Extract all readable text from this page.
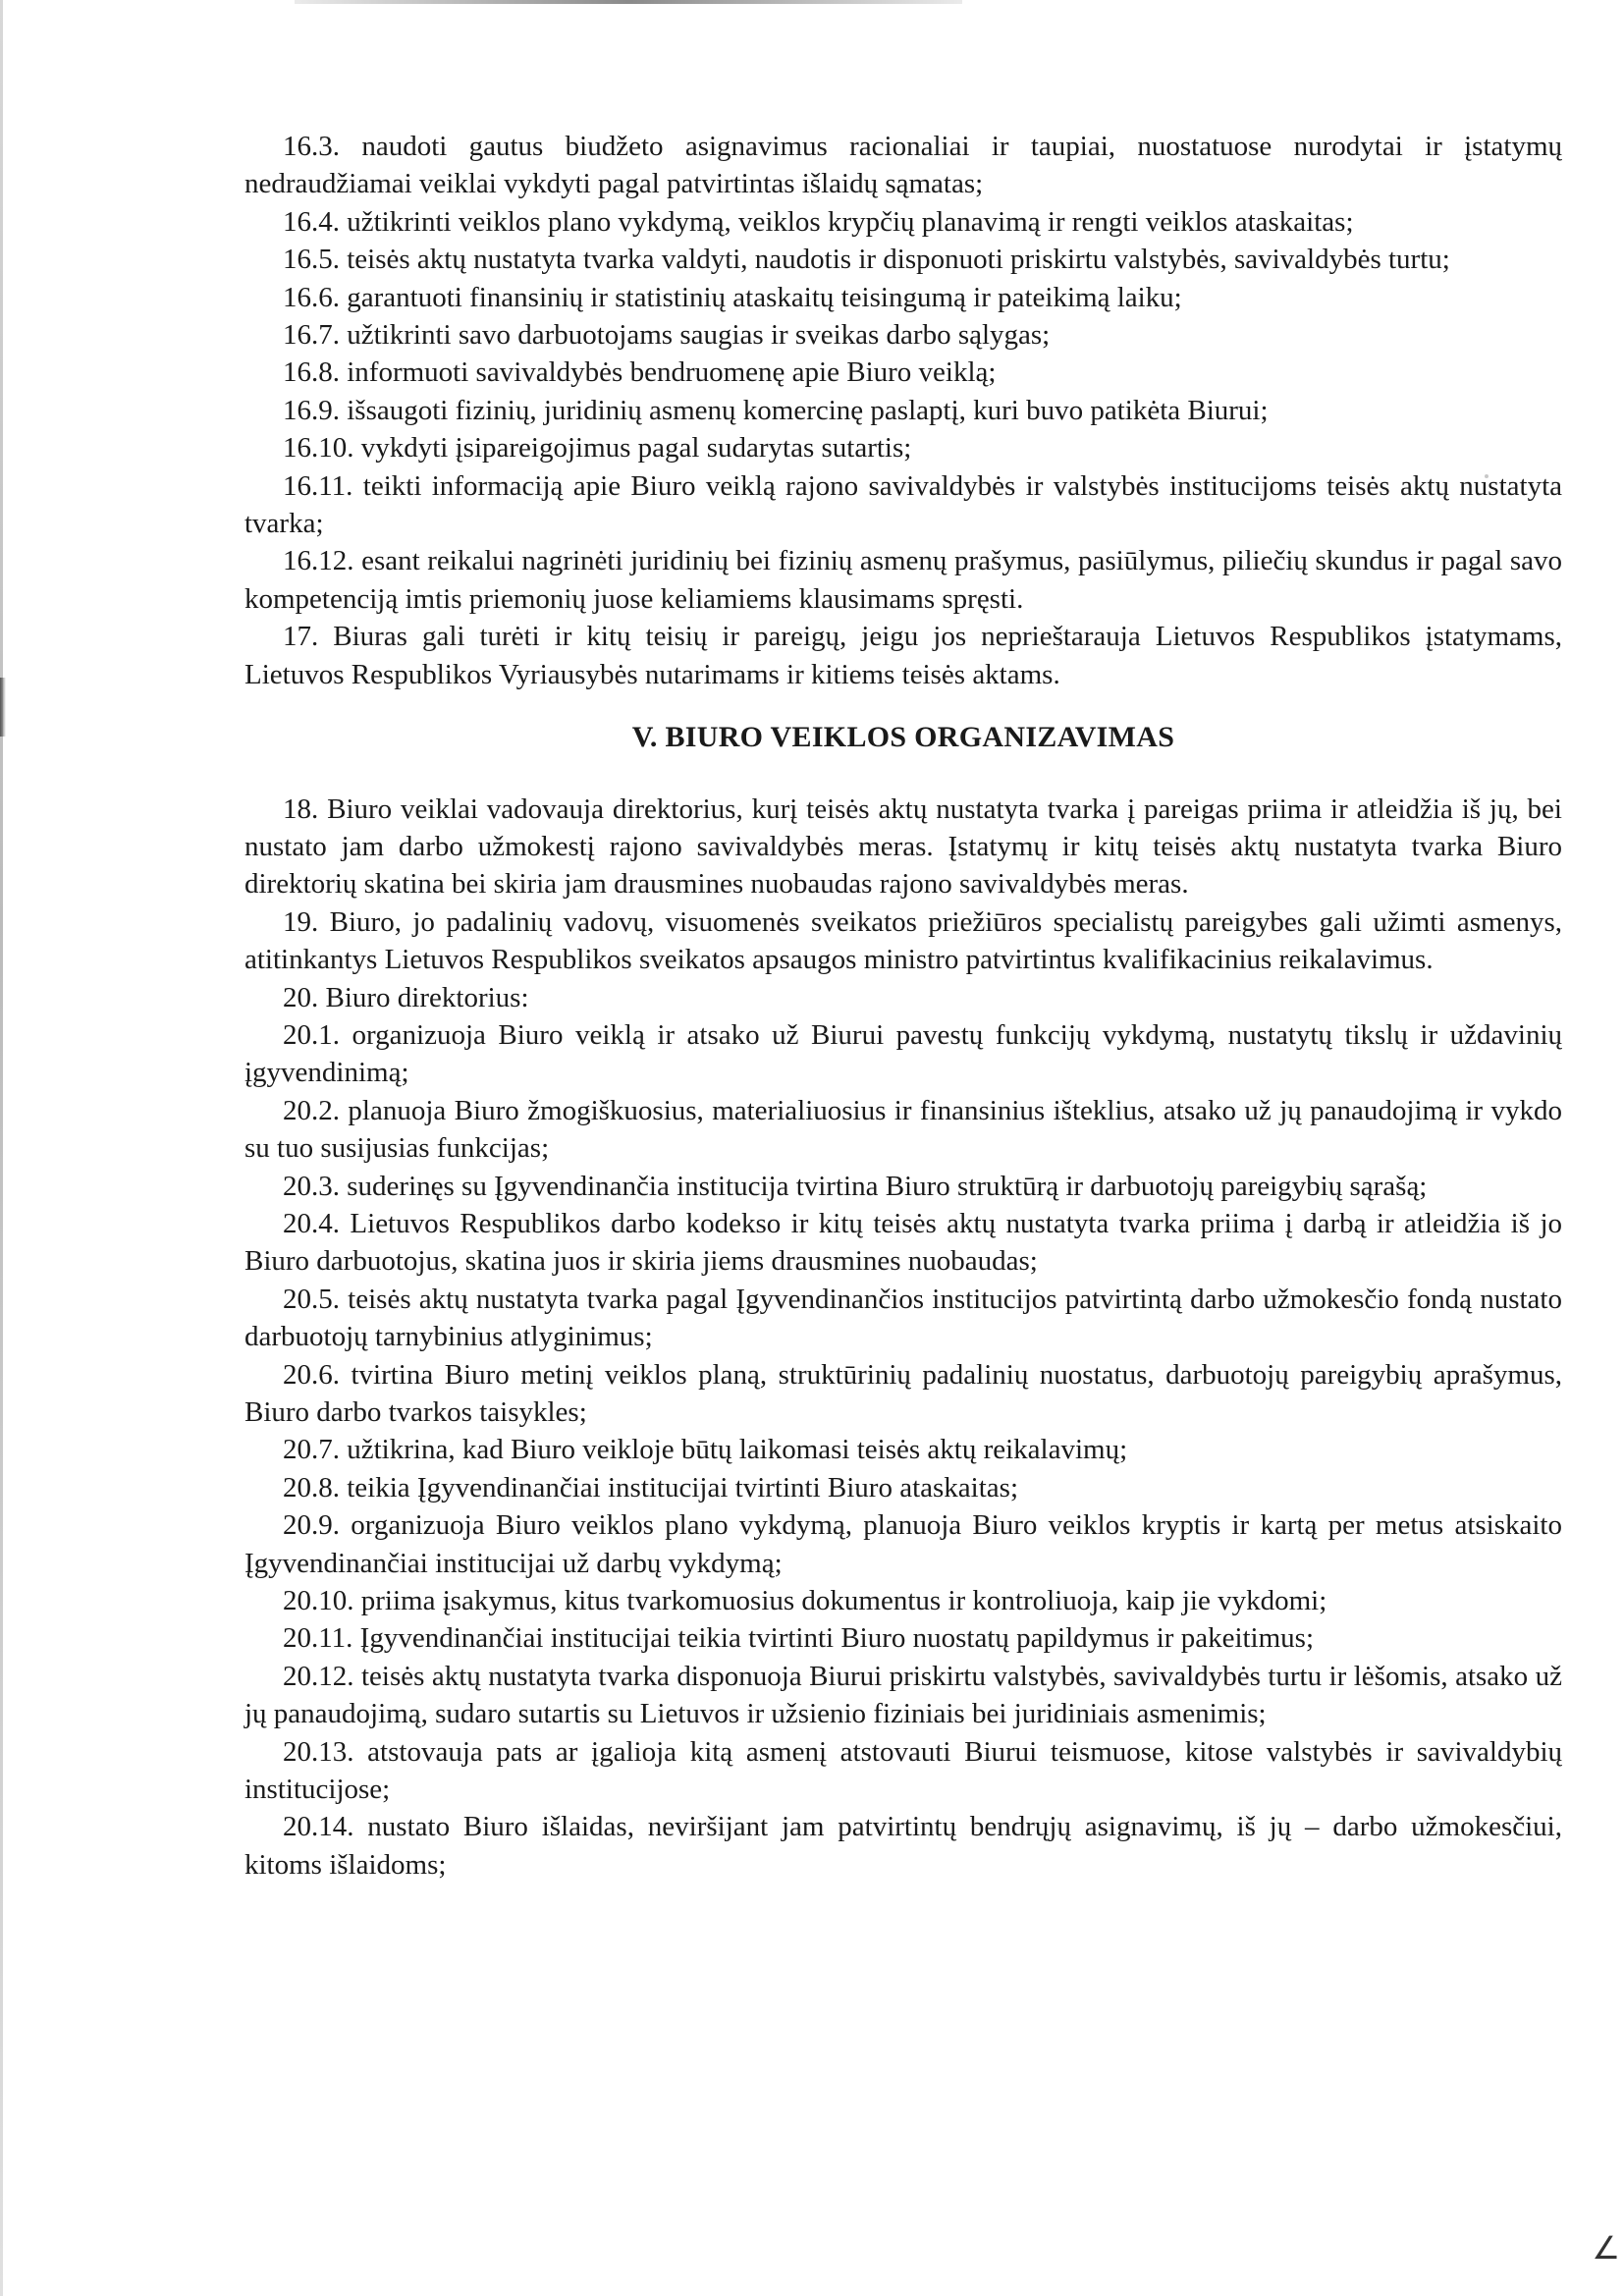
∠

16.3. naudoti gautus biudžeto asignavimus racionaliai ir taupiai, nuostatuose nurodytai ir įstatymų nedraudžiamai veiklai vykdyti pagal patvirtintas išlaidų sąmatas;

16.4. užtikrinti veiklos plano vykdymą, veiklos krypčių planavimą ir rengti veiklos ataskaitas;

16.5. teisės aktų nustatyta tvarka valdyti, naudotis ir disponuoti priskirtu valstybės, savivaldybės turtu;

16.6. garantuoti finansinių ir statistinių ataskaitų teisingumą ir pateikimą laiku;

16.7. užtikrinti savo darbuotojams saugias ir sveikas darbo sąlygas;

16.8. informuoti savivaldybės bendruomenę apie Biuro veiklą;

16.9. išsaugoti fizinių, juridinių asmenų komercinę paslaptį, kuri buvo patikėta Biurui;

16.10. vykdyti įsipareigojimus pagal sudarytas sutartis;

16.11. teikti informaciją apie Biuro veiklą rajono savivaldybės ir valstybės institucijoms teisės aktų nustatyta tvarka;

16.12. esant reikalui nagrinėti juridinių bei fizinių asmenų prašymus, pasiūlymus, piliečių skundus ir pagal savo kompetenciją imtis priemonių juose keliamiems klausimams spręsti.

17. Biuras gali turėti ir kitų teisių ir pareigų, jeigu jos neprieštarauja Lietuvos Respublikos įstatymams, Lietuvos Respublikos Vyriausybės nutarimams ir kitiems teisės aktams.

V. BIURO VEIKLOS ORGANIZAVIMAS

18. Biuro veiklai vadovauja direktorius, kurį teisės aktų nustatyta tvarka į pareigas priima ir atleidžia iš jų, bei nustato jam darbo užmokestį rajono savivaldybės meras. Įstatymų ir kitų teisės aktų nustatyta tvarka Biuro direktorių skatina bei skiria jam drausmines nuobaudas rajono savivaldybės meras.

19. Biuro, jo padalinių vadovų, visuomenės sveikatos priežiūros specialistų pareigybes gali užimti asmenys, atitinkantys Lietuvos Respublikos sveikatos apsaugos ministro patvirtintus kvalifikacinius reikalavimus.

20. Biuro direktorius:

20.1. organizuoja Biuro veiklą ir atsako už Biurui pavestų funkcijų vykdymą, nustatytų tikslų ir uždavinių įgyvendinimą;

20.2. planuoja Biuro žmogiškuosius, materialiuosius ir finansinius išteklius, atsako už jų panaudojimą ir vykdo su tuo susijusias funkcijas;

20.3. suderinęs su Įgyvendinančia institucija tvirtina Biuro struktūrą ir darbuotojų pareigybių sąrašą;

20.4. Lietuvos Respublikos darbo kodekso ir kitų teisės aktų nustatyta tvarka priima į darbą ir atleidžia iš jo Biuro darbuotojus, skatina juos ir skiria jiems drausmines nuobaudas;

20.5. teisės aktų nustatyta tvarka pagal Įgyvendinančios institucijos patvirtintą darbo užmokesčio fondą nustato darbuotojų tarnybinius atlyginimus;

20.6. tvirtina Biuro metinį veiklos planą, struktūrinių padalinių nuostatus, darbuotojų pareigybių aprašymus, Biuro darbo tvarkos taisykles;

20.7. užtikrina, kad Biuro veikloje būtų laikomasi teisės aktų reikalavimų;

20.8. teikia Įgyvendinančiai institucijai tvirtinti Biuro ataskaitas;

20.9. organizuoja Biuro veiklos plano vykdymą, planuoja Biuro veiklos kryptis ir kartą per metus atsiskaito Įgyvendinančiai institucijai už darbų vykdymą;

20.10. priima įsakymus, kitus tvarkomuosius dokumentus ir kontroliuoja, kaip jie vykdomi;

20.11. Įgyvendinančiai institucijai teikia tvirtinti Biuro nuostatų papildymus ir pakeitimus;

20.12. teisės aktų nustatyta tvarka disponuoja Biurui priskirtu valstybės, savivaldybės turtu ir lėšomis, atsako už jų panaudojimą, sudaro sutartis su Lietuvos ir užsienio fiziniais bei juridiniais asmenimis;

20.13. atstovauja pats ar įgalioja kitą asmenį atstovauti Biurui teismuose, kitose valstybės ir savivaldybių institucijose;

20.14. nustato Biuro išlaidas, neviršijant jam patvirtintų bendrųjų asignavimų, iš jų – darbo užmokesčiui, kitoms išlaidoms;
